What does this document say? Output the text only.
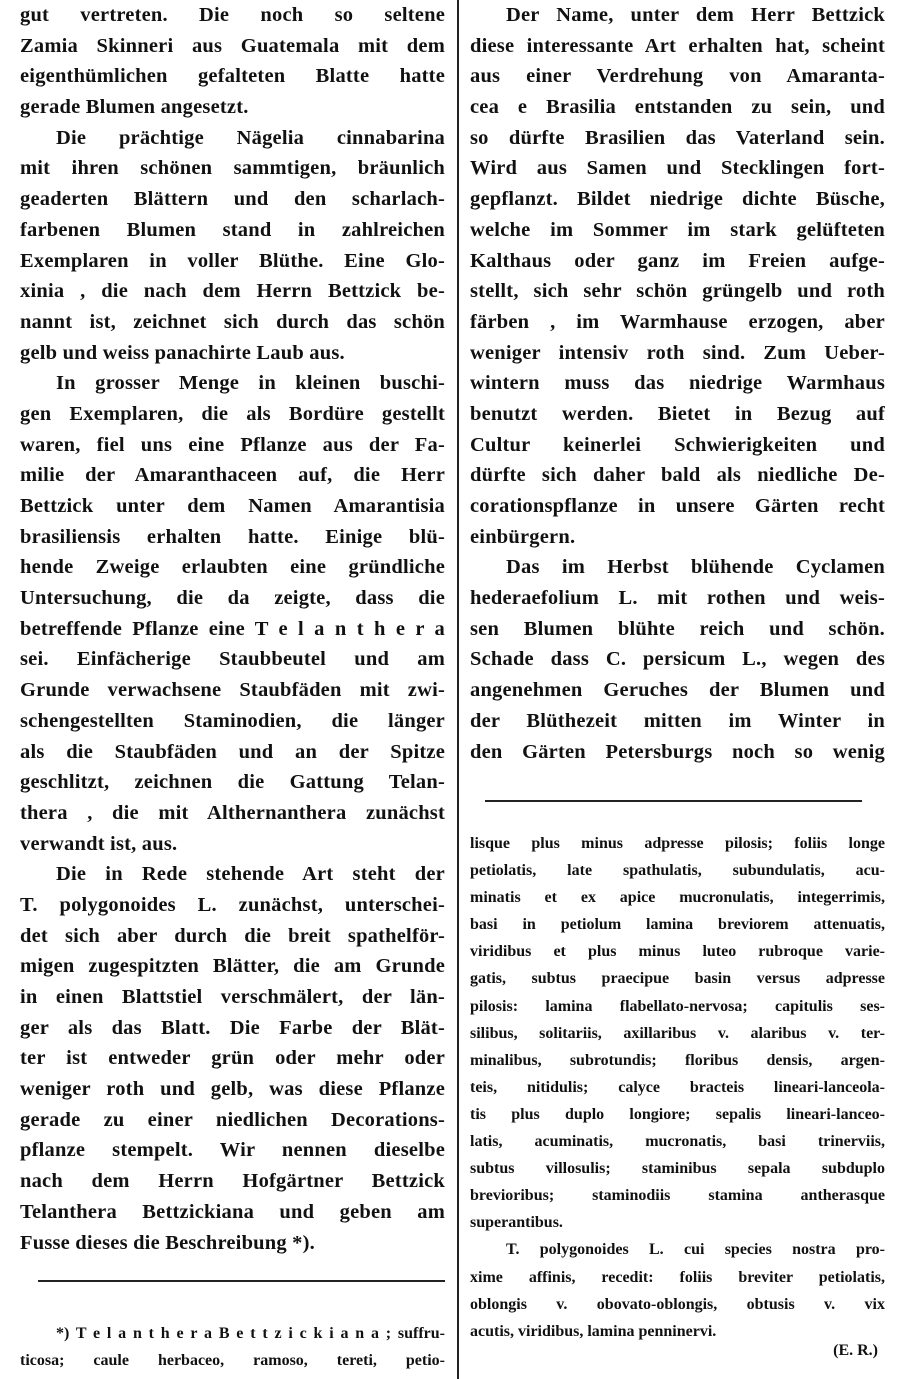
gut vertreten. Die noch so seltene
Zamia Skinneri aus Guatemala mit dem
eigenthümlichen gefalteten Blatte hatte
gerade Blumen angesetzt.
Die prächtige Nägelia cinnabarina
mit ihren schönen sammtigen, bräunlich
geaderten Blättern und den scharlach-
farbenen Blumen stand in zahlreichen
Exemplaren in voller Blüthe. Eine Glo-
xinia , die nach dem Herrn Bettzick be-
nannt ist, zeichnet sich durch das schön
gelb und weiss panachirte Laub aus.
In grosser Menge in kleinen buschi-
gen Exemplaren, die als Bordüre gestellt
waren, fiel uns eine Pflanze aus der Fa-
milie der Amaranthaceen auf, die Herr
Bettzick unter dem Namen Amarantisia
brasiliensis erhalten hatte. Einige blü-
hende Zweige erlaubten eine gründliche
Untersuchung, die da zeigte, dass die
betreffende Pflanze eine T e l a n t h e r a
sei. Einfächerige Staubbeutel und am
Grunde verwachsene Staubfäden mit zwi-
schengestellten Staminodien, die länger
als die Staubfäden und an der Spitze
geschlitzt, zeichnen die Gattung Telan-
thera , die mit Althernanthera zunächst
verwandt ist, aus.
Die in Rede stehende Art steht der
T. polygonoides L. zunächst, unterschei-
det sich aber durch die breit spathelför-
migen zugespitzten Blätter, die am Grunde
in einen Blattstiel verschmälert, der län-
ger als das Blatt. Die Farbe der Blät-
ter ist entweder grün oder mehr oder
weniger roth und gelb, was diese Pflanze
gerade zu einer niedlichen Decorations-
pflanze stempelt. Wir nennen dieselbe
nach dem Herrn Hofgärtner Bettzick
Telanthera Bettzickiana und geben am
Fusse dieses die Beschreibung *).
*) T e l a n t h e r a B e t t z i c k i a n a ; suffru-
ticosa; caule herbaceo, ramoso, tereti, petio-
Der Name, unter dem Herr Bettzick
diese interessante Art erhalten hat, scheint
aus einer Verdrehung von Amaranta-
cea e Brasilia entstanden zu sein, und
so dürfte Brasilien das Vaterland sein.
Wird aus Samen und Stecklingen fort-
gepflanzt. Bildet niedrige dichte Büsche,
welche im Sommer im stark gelüfteten
Kalthaus oder ganz im Freien aufge-
stellt, sich sehr schön grüngelb und roth
färben , im Warmhause erzogen, aber
weniger intensiv roth sind. Zum Ueber-
wintern muss das niedrige Warmhaus
benutzt werden. Bietet in Bezug auf
Cultur keinerlei Schwierigkeiten und
dürfte sich daher bald als niedliche De-
corationspflanze in unsere Gärten recht
einbürgern.
Das im Herbst blühende Cyclamen
hederaefolium L. mit rothen und weis-
sen Blumen blühte reich und schön.
Schade dass C. persicum L., wegen des
angenehmen Geruches der Blumen und
der Blüthezeit mitten im Winter in
den Gärten Petersburgs noch so wenig
lisque plus minus adpresse pilosis; foliis longe
petiolatis, late spathulatis, subundulatis, acu-
minatis et ex apice mucronulatis, integerrimis,
basi in petiolum lamina breviorem attenuatis,
viridibus et plus minus luteo rubroque varie-
gatis, subtus praecipue basin versus adpresse
pilosis: lamina flabellato-nervosa; capitulis ses-
silibus, solitariis, axillaribus v. alaribus v. ter-
minalibus, subrotundis; floribus densis, argen-
teis, nitidulis; calyce bracteis lineari-lanceola-
tis plus duplo longiore; sepalis lineari-lanceo-
latis, acuminatis, mucronatis, basi trinerviis,
subtus villosulis; staminibus sepala subduplo
brevioribus; staminodiis stamina antherasque
superantibus.
T. polygonoides L. cui species nostra pro-
xime affinis, recedit: foliis breviter petiolatis,
oblongis v. obovato-oblongis, obtusis v. vix
acutis, viridibus, lamina penninervi.
(E. R.)
